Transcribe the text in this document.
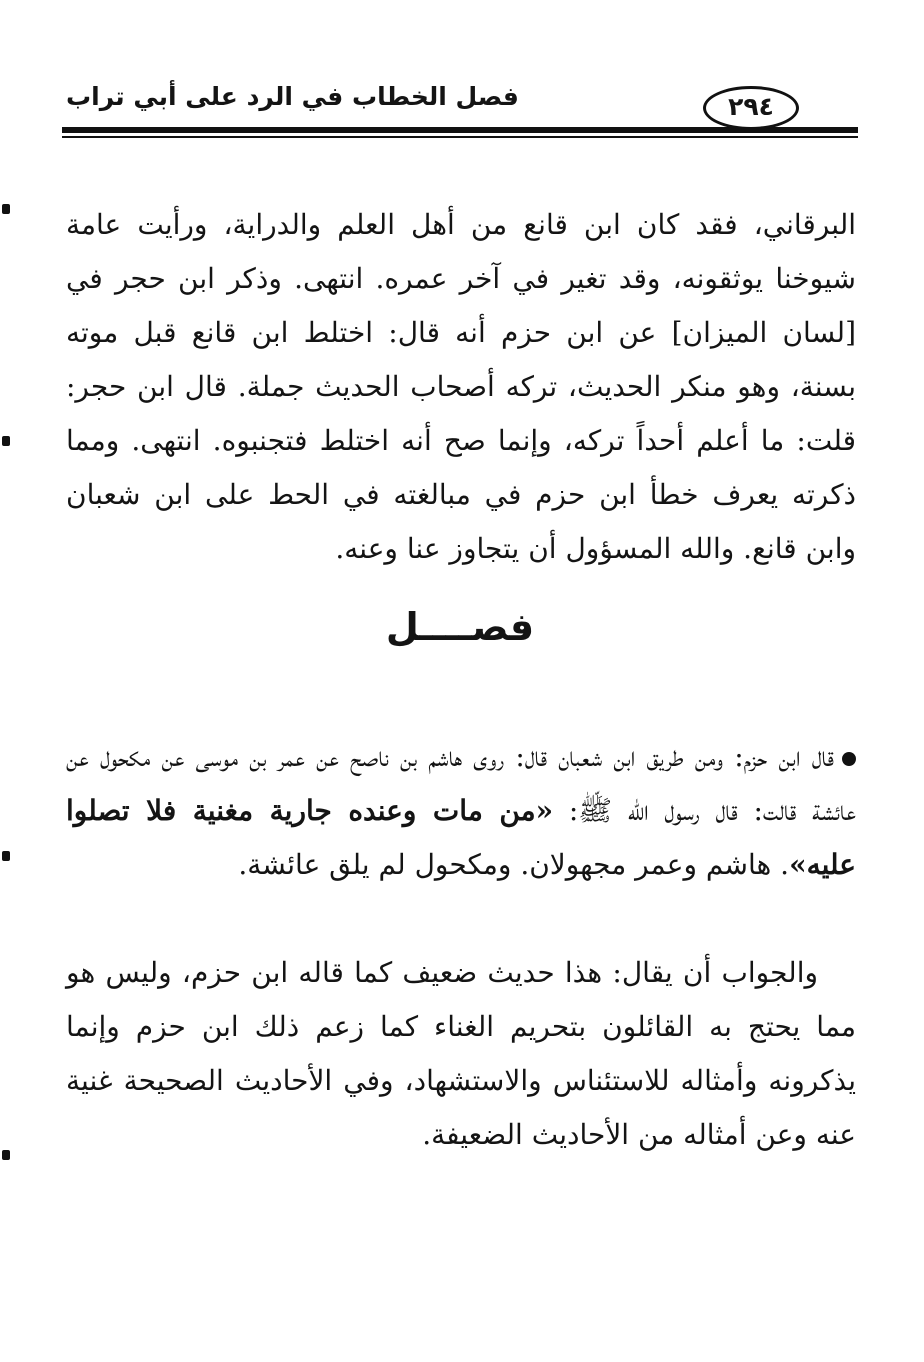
فصل الخطاب في الرد على أبي تراب	٢٩٤

البرقاني، فقد كان ابن قانع من أهل العلم والدراية، ورأيت عامة شيوخنا يوثقونه، وقد تغير في آخر عمره. انتهى. وذكر ابن حجر في [لسان الميزان] عن ابن حزم أنه قال: اختلط ابن قانع قبل موته بسنة، وهو منكر الحديث، تركه أصحاب الحديث جملة. قال ابن حجر: قلت: ما أعلم أحداً تركه، وإنما صح أنه اختلط فتجنبوه. انتهى. ومما ذكرته يعرف خطأ ابن حزم في مبالغته في الحط على ابن شعبان وابن قانع. والله المسؤول أن يتجاوز عنا وعنه.

فصــــل

قال ابن حزم: ومن طريق ابن شعبان قال: روى هاشم بن ناصح عن عمر بن موسى عن مكحول عن عائشة قالت: قال رسول الله ﷺ: «من مات وعنده جارية مغنية فلا تصلوا عليه». هاشم وعمر مجهولان. ومكحول لم يلق عائشة.

والجواب أن يقال: هذا حديث ضعيف كما قاله ابن حزم، وليس هو مما يحتج به القائلون بتحريم الغناء كما زعم ذلك ابن حزم وإنما يذكرونه وأمثاله للاستئناس والاستشهاد، وفي الأحاديث الصحيحة غنية عنه وعن أمثاله من الأحاديث الضعيفة.
